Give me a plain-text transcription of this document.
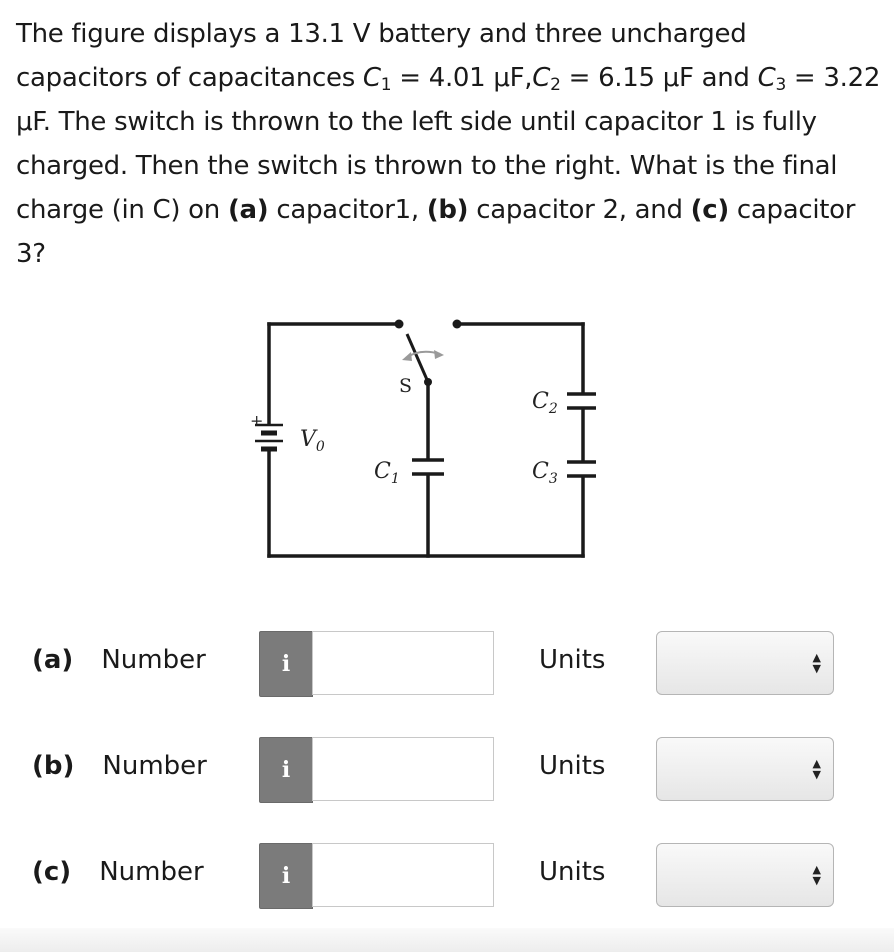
The figure displays a 13.1 V battery and three uncharged capacitors of capacitances $C_1 = 4.01$ $\mu F,C_2 = 6.15$ μF and $C_3 = 3.22$ μF. The switch is thrown to the left side until capacitor 1 is fully charged. Then the switch is thrown to the right. What is the final charge (in C) on (a) capacitor1, (b) capacitor 2, and (c) capacitor 3?
S
+
$V_0$
$C_1$
$C_2$
$C_3$
(a) Number	i	Units	▲
▼
(b) Number	i	Units	▲
▼
(c) Number	i	Units	▲
▼
